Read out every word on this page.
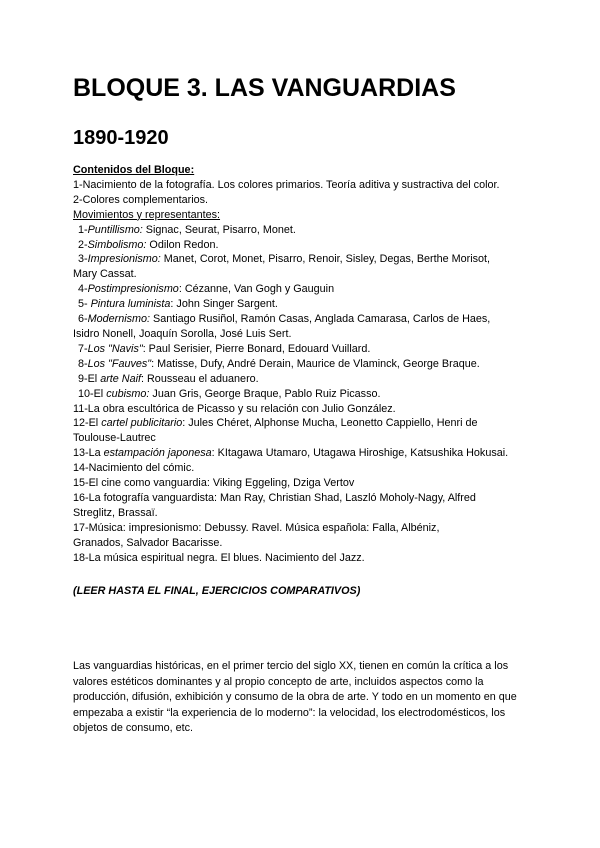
BLOQUE 3. LAS VANGUARDIAS
1890-1920
Contenidos del Bloque:
1-Nacimiento de la fotografía. Los colores primarios. Teoría aditiva y sustractiva del color.
2-Colores complementarios.
Movimientos y representantes:
1-Puntillismo: Signac, Seurat, Pisarro, Monet.
2-Simbolismo: Odilon Redon.
3-Impresionismo: Manet, Corot, Monet, Pisarro, Renoir, Sisley, Degas, Berthe Morisot,
Mary Cassat.
4-Postimpresionismo: Cézanne, Van Gogh y Gauguin
5- Pintura luminista: John Singer Sargent.
6-Modernismo: Santiago Rusiñol, Ramón Casas, Anglada Camarasa, Carlos de Haes,
Isidro Nonell, Joaquín Sorolla, José Luis Sert.
7-Los "Navis": Paul Serisier, Pierre Bonard, Edouard Vuillard.
8-Los "Fauves": Matisse, Dufy, André Derain, Maurice de Vlaminck, George Braque.
9-El arte Naif: Rousseau el aduanero.
10-El cubismo: Juan Gris, George Braque, Pablo Ruiz Picasso.
11-La obra escultórica de Picasso y su relación con Julio González.
12-El cartel publicitario: Jules Chéret, Alphonse Mucha, Leonetto Cappiello, Henri de
Toulouse-Lautrec
13-La estampación japonesa: KItagawa Utamaro, Utagawa Hiroshige, Katsushika Hokusai.
14-Nacimiento del cómic.
15-El cine como vanguardia: Viking Eggeling, Dziga Vertov
16-La fotografía vanguardista: Man Ray, Christian Shad, Laszló Moholy-Nagy, Alfred
Streglitz, Brassaï.
17-Música: impresionismo: Debussy. Ravel. Música española: Falla, Albéniz,
Granados, Salvador Bacarisse.
18-La música espiritual negra. El blues. Nacimiento del Jazz.
(LEER HASTA EL FINAL, EJERCICIOS COMPARATIVOS)
Las vanguardias históricas, en el primer tercio del siglo XX, tienen en común la crítica a los valores estéticos dominantes y al propio concepto de arte, incluidos aspectos como la producción, difusión, exhibición y consumo de la obra de arte. Y todo en un momento en que empezaba a existir “la experiencia de lo moderno”: la velocidad, los electrodomésticos, los objetos de consumo, etc.
